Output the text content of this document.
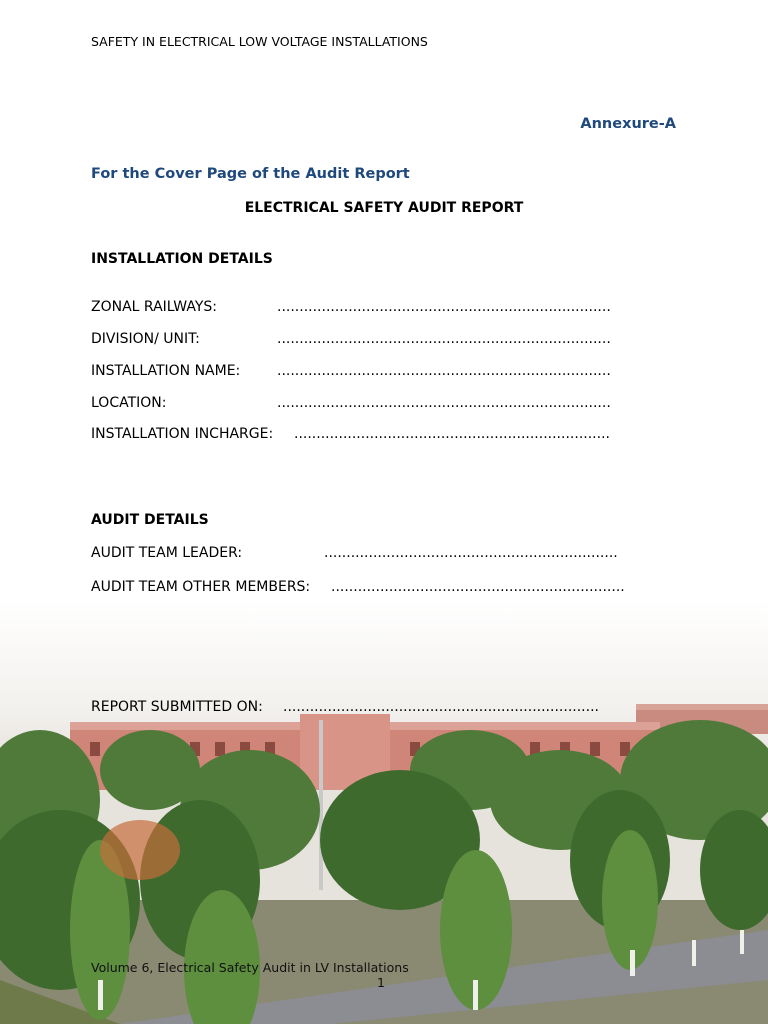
SAFETY IN ELECTRICAL LOW VOLTAGE INSTALLATIONS
Annexure-A
For the Cover Page of the Audit Report
ELECTRICAL SAFETY AUDIT REPORT
INSTALLATION DETAILS
ZONAL RAILWAYS:	...........................................................................
DIVISION/ UNIT:	...........................................................................
INSTALLATION NAME:	...........................................................................
LOCATION:	...........................................................................
INSTALLATION INCHARGE: .......................................................................
AUDIT DETAILS
AUDIT TEAM LEADER:	..................................................................
AUDIT TEAM OTHER MEMBERS: ..................................................................
REPORT SUBMITTED ON: .......................................................................
Volume 6, Electrical Safety Audit in LV Installations
1
